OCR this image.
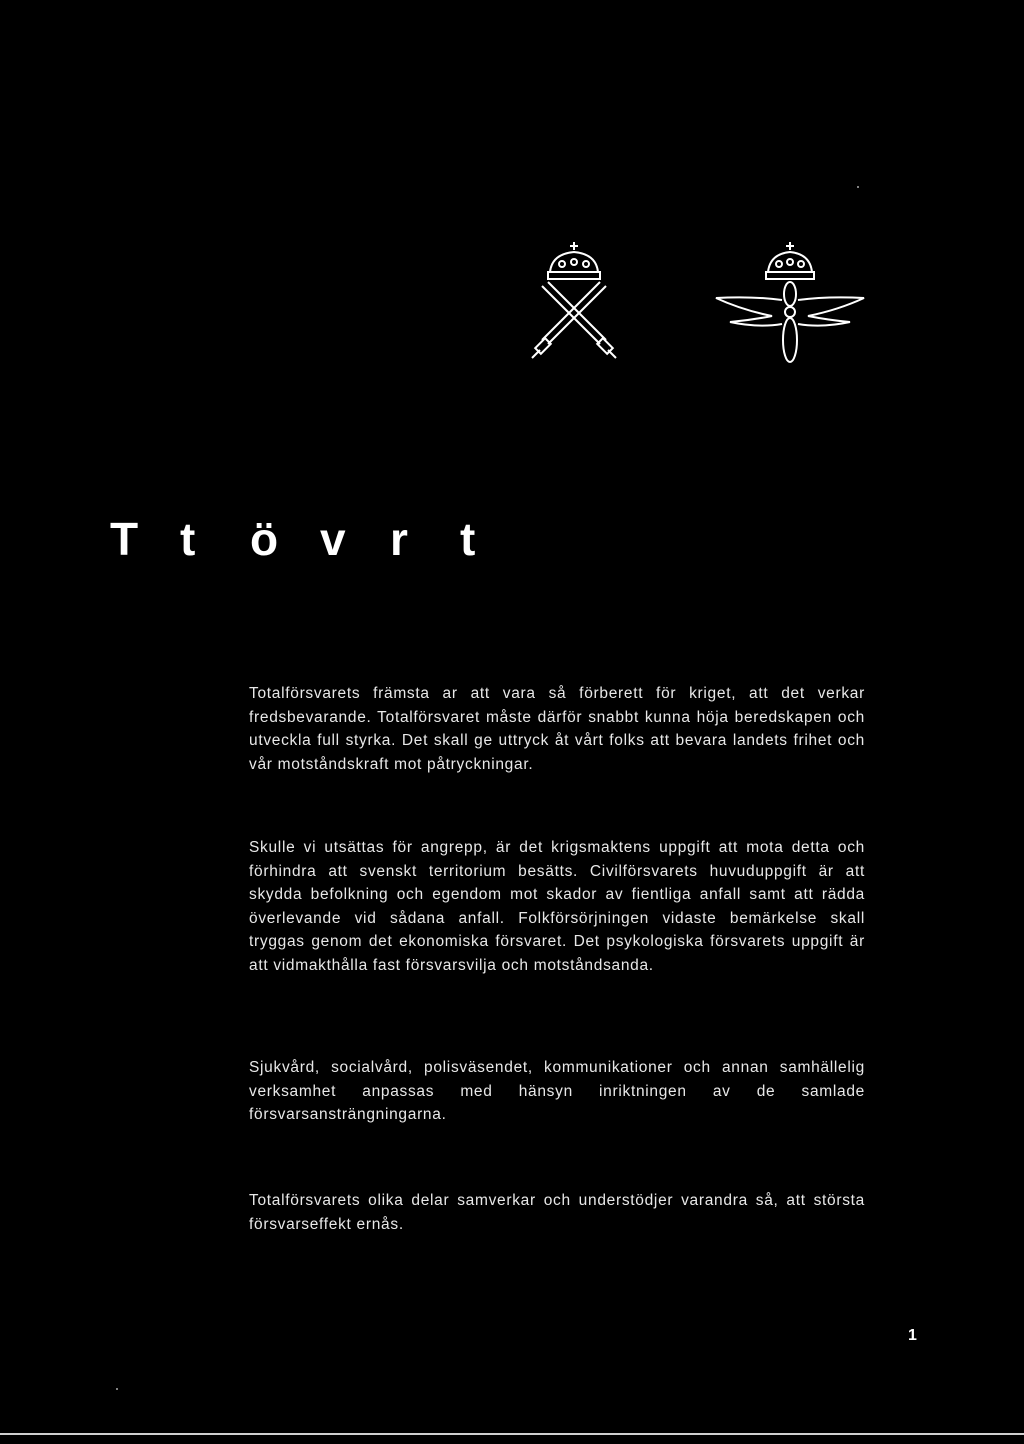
T t	ö v r	t

Totalförsvarets främsta ar att vara så förberett för kriget, att det verkar fredsbevarande. Totalförsvaret måste därför snabbt kunna höja beredskapen och utveckla full styrka. Det skall ge uttryck åt vårt folks att bevara landets frihet och vår motståndskraft mot påtryckningar.

Skulle vi utsättas för angrepp, är det krigsmaktens uppgift att mota detta och förhindra att svenskt territorium besätts. Civilförsvarets huvuduppgift är att skydda befolkning och egendom mot skador av fientliga anfall samt att rädda överlevande vid sådana anfall. Folkförsörjningen vidaste bemärkelse skall tryggas genom det ekonomiska försvaret. Det psykologiska försvarets uppgift är att vidmakthålla fast försvarsvilja och motståndsanda.

Sjukvård, socialvård, polisväsendet, kommunikationer och annan samhällelig verksamhet anpassas med hänsyn inriktningen av de samlade försvarsansträngningarna.

Totalförsvarets olika delar samverkar och understödjer varandra så, att största försvarseffekt ernås.

1
